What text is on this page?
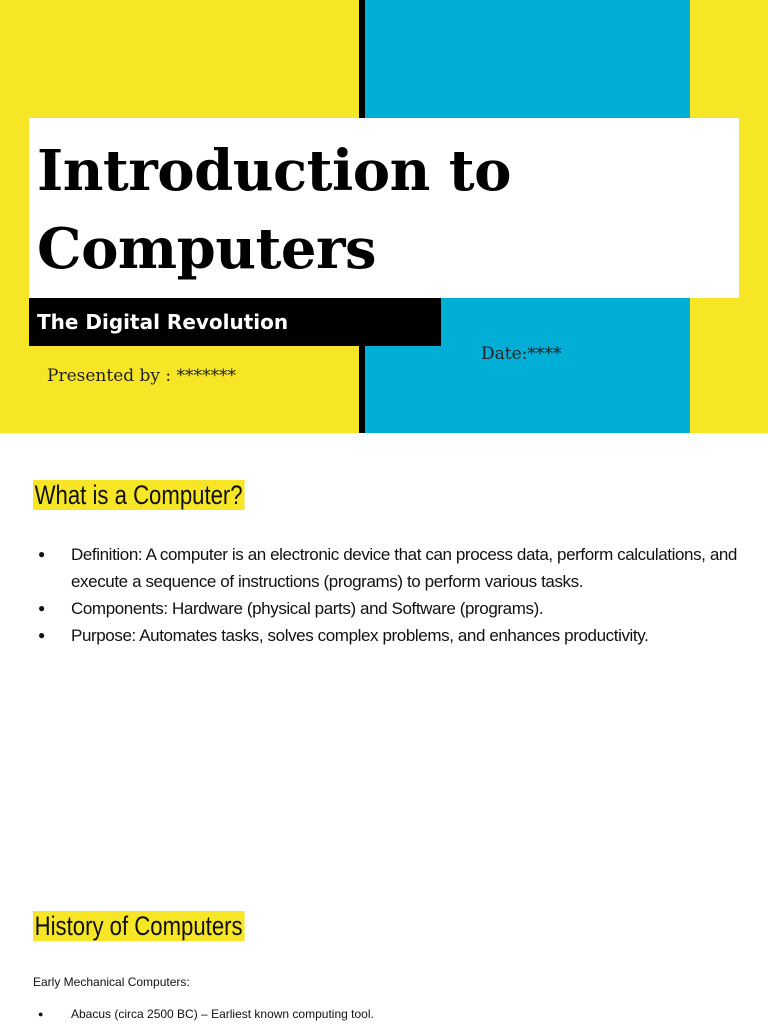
Introduction to Computers
The Digital Revolution
Date:****
Presented by : *******
What is a Computer?
● Definition: A computer is an electronic device that can process data, perform calculations, and execute a sequence of instructions (programs) to perform various tasks.
● Components: Hardware (physical parts) and Software (programs).
● Purpose: Automates tasks, solves complex problems, and enhances productivity.
History of Computers
Early Mechanical Computers:
● Abacus (circa 2500 BC) – Earliest known computing tool.
